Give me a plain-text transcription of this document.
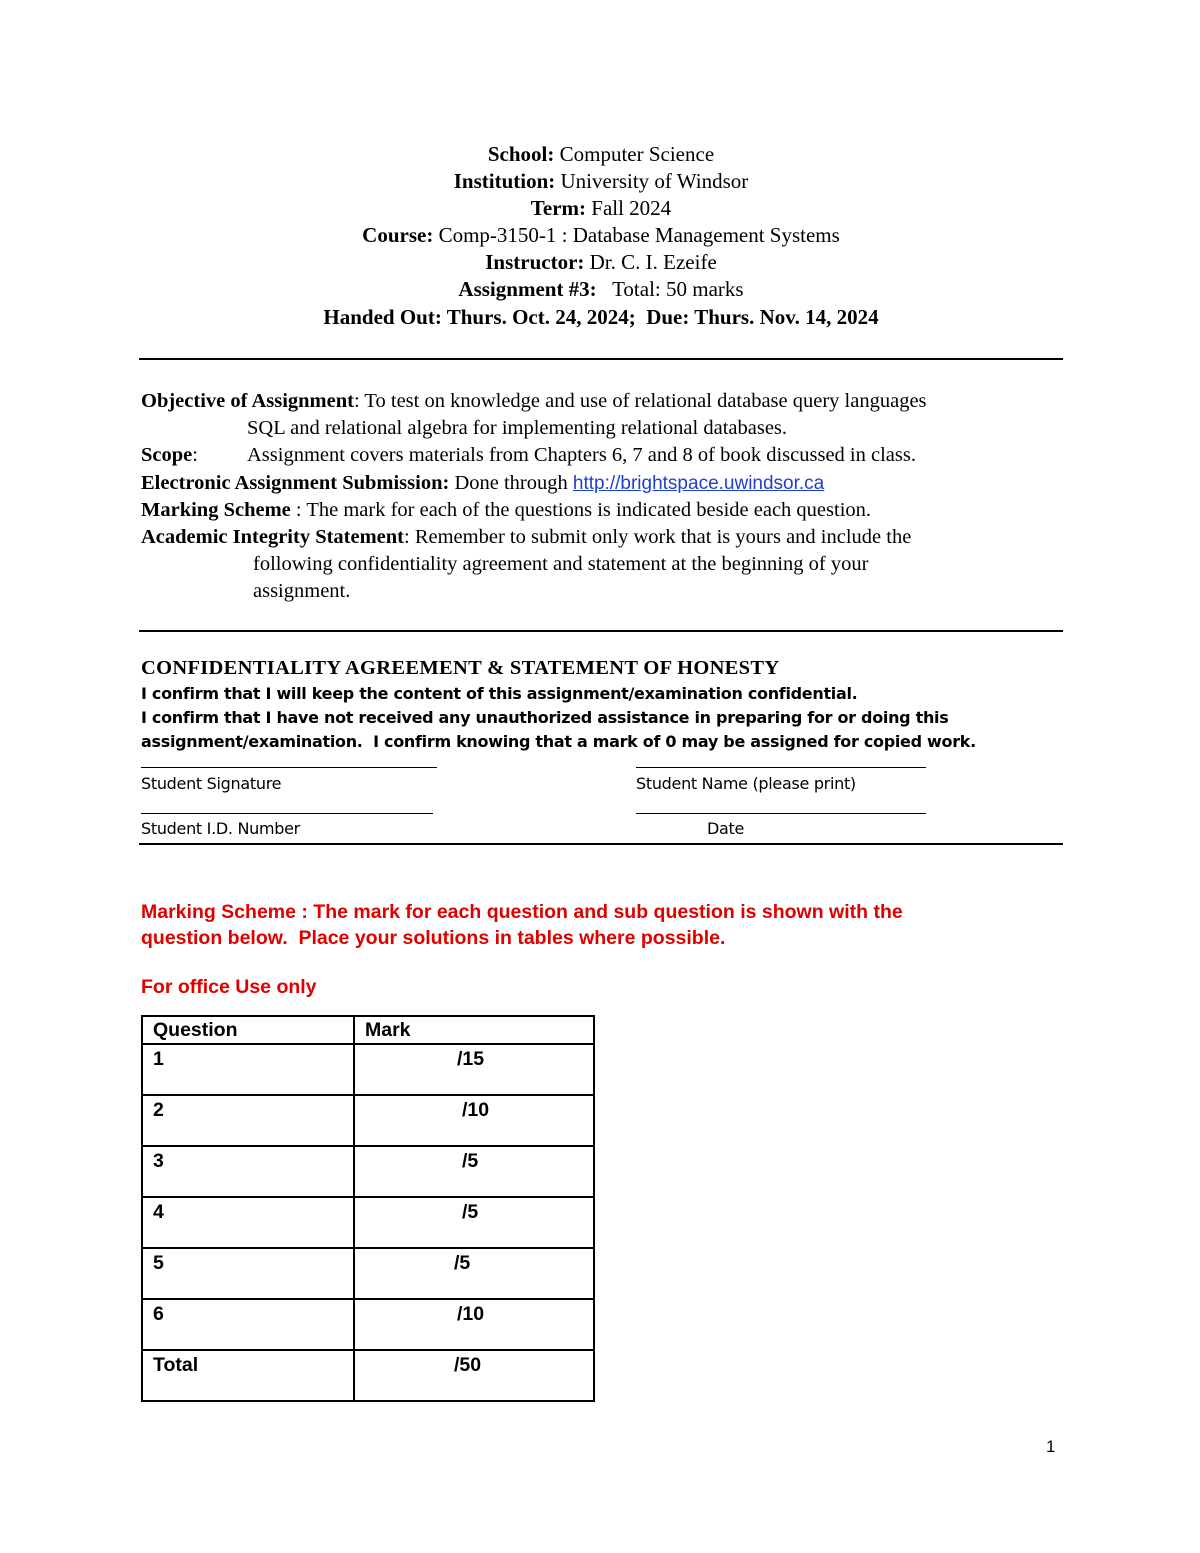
School: Computer Science
Institution: University of Windsor
Term: Fall 2024
Course: Comp-3150-1 : Database Management Systems
Instructor: Dr. C. I. Ezeife
Assignment #3: Total: 50 marks
Handed Out: Thurs. Oct. 24, 2024;  Due: Thurs. Nov. 14, 2024
Objective of Assignment: To test on knowledge and use of relational database query languages
SQL and relational algebra for implementing relational databases.
Scope: Assignment covers materials from Chapters 6, 7 and 8 of book discussed in class.
Electronic Assignment Submission: Done through http://brightspace.uwindsor.ca
Marking Scheme : The mark for each of the questions is indicated beside each question.
Academic Integrity Statement: Remember to submit only work that is yours and include the
following confidentiality agreement and statement at the beginning of your
assignment.
CONFIDENTIALITY AGREEMENT & STATEMENT OF HONESTY
I confirm that I will keep the content of this assignment/examination confidential.
I confirm that I have not received any unauthorized assistance in preparing for or doing this
assignment/examination.  I confirm knowing that a mark of 0 may be assigned for copied work.
Student Signature	Student Name (please print)
Student I.D. Number	Date
Marking Scheme : The mark for each question and sub question is shown with the
question below.  Place your solutions in tables where possible.
For office Use only
Question	Mark
1	/15
2	/10
3	/5
4	/5
5	/5
6	/10
Total	/50
1
